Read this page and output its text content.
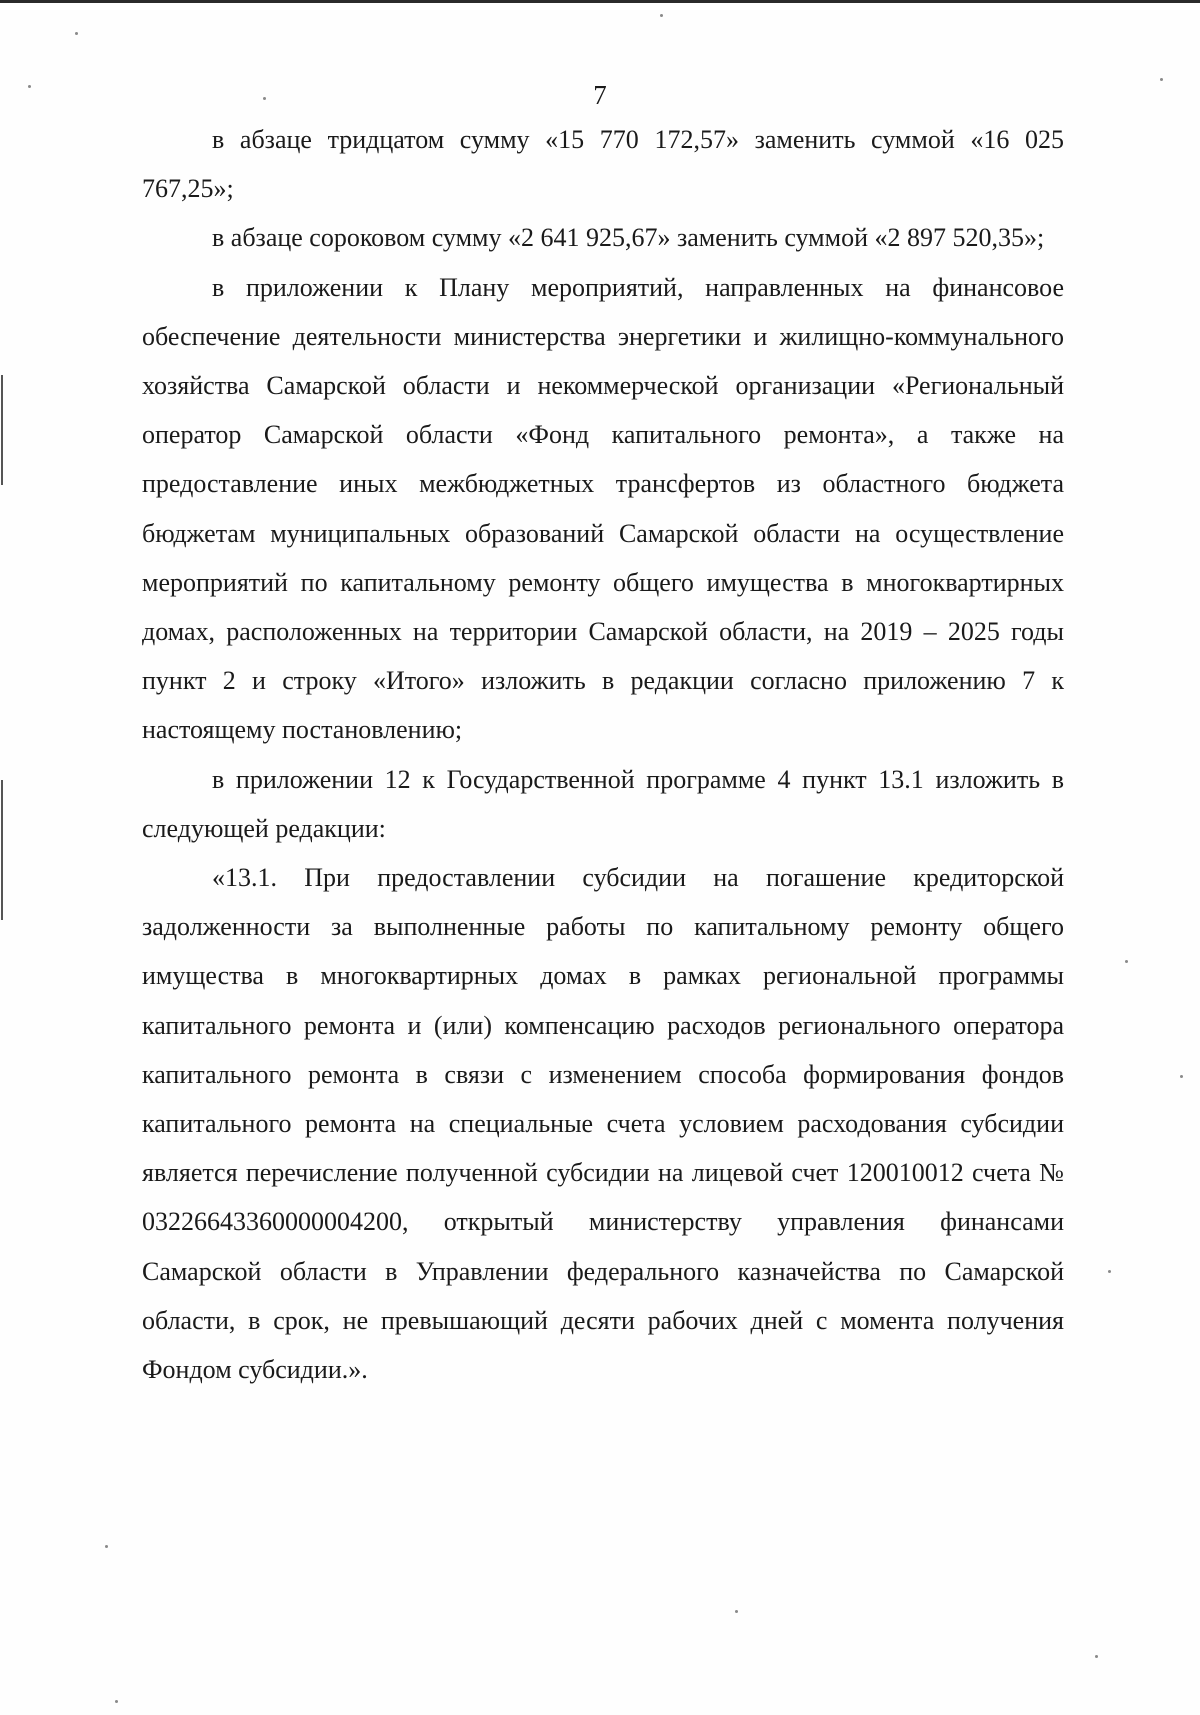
7

в абзаце тридцатом сумму «15 770 172,57» заменить суммой «16 025 767,25»;

в абзаце сороковом сумму «2 641 925,67» заменить суммой «2 897 520,35»;

в приложении к Плану мероприятий, направленных на финансовое обеспечение деятельности министерства энергетики и жилищно-коммунального хозяйства Самарской области и некоммерческой организации «Региональный оператор Самарской области «Фонд капитального ремонта», а также на предоставление иных межбюджетных трансфертов из областного бюджета бюджетам муниципальных образований Самарской области на осуществление мероприятий по капитальному ремонту общего имущества в многоквартирных домах, расположенных на территории Самарской области, на 2019 – 2025 годы пункт 2 и строку «Итого» изложить в редакции согласно приложению 7 к настоящему постановлению;

в приложении 12 к Государственной программе 4 пункт 13.1 изложить в следующей редакции:

«13.1. При предоставлении субсидии на погашение кредиторской задолженности за выполненные работы по капитальному ремонту общего имущества в многоквартирных домах в рамках региональной программы капитального ремонта и (или) компенсацию расходов регионального оператора капитального ремонта в связи с изменением способа формирования фондов капитального ремонта на специальные счета условием расходования субсидии является перечисление полученной субсидии на лицевой счет 120010012 счета № 03226643360000004200, открытый министерству управления финансами Самарской области в Управлении федерального казначейства по Самарской области, в срок, не превышающий десяти рабочих дней с момента получения Фондом субсидии.».
